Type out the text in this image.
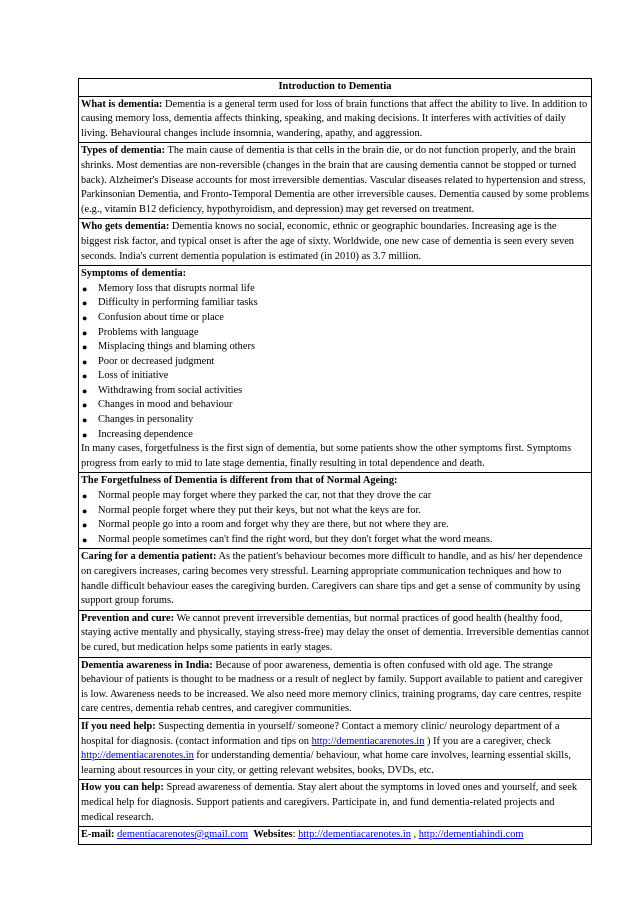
Introduction to Dementia
What is dementia: Dementia is a general term used for loss of brain functions that affect the ability to live. In addition to causing memory loss, dementia affects thinking, speaking, and making decisions. It interferes with activities of daily living. Behavioural changes include insomnia, wandering, apathy, and aggression.
Types of dementia: The main cause of dementia is that cells in the brain die, or do not function properly, and the brain shrinks. Most dementias are non-reversible (changes in the brain that are causing dementia cannot be stopped or turned back). Alzheimer's Disease accounts for most irreversible dementias. Vascular diseases related to hypertension and stress, Parkinsonian Dementia, and Fronto-Temporal Dementia are other irreversible causes. Dementia caused by some problems (e.g., vitamin B12 deficiency, hypothyroidism, and depression) may get reversed on treatment.
Who gets dementia: Dementia knows no social, economic, ethnic or geographic boundaries. Increasing age is the biggest risk factor, and typical onset is after the age of sixty. Worldwide, one new case of dementia is seen every seven seconds. India's current dementia population is estimated (in 2010) as 3.7 million.

Symptoms of dementia:
● Memory loss that disrupts normal life
● Difficulty in performing familiar tasks
● Confusion about time or place
● Problems with language
● Misplacing things and blaming others
● Poor or decreased judgment
● Loss of initiative
● Withdrawing from social activities
● Changes in mood and behaviour
● Changes in personality
● Increasing dependence
In many cases, forgetfulness is the first sign of dementia, but some patients show the other symptoms first. Symptoms progress from early to mid to late stage dementia, finally resulting in total dependence and death.

The Forgetfulness of Dementia is different from that of Normal Ageing:
● Normal people may forget where they parked the car, not that they drove the car
● Normal people forget where they put their keys, but not what the keys are for.
● Normal people go into a room and forget why they are there, but not where they are.
● Normal people sometimes can't find the right word, but they don't forget what the word means.

Caring for a dementia patient: As the patient's behaviour becomes more difficult to handle, and as his/ her dependence on caregivers increases, caring becomes very stressful. Learning appropriate communication techniques and how to handle difficult behaviour eases the caregiving burden. Caregivers can share tips and get a sense of community by using support group forums.
Prevention and cure: We cannot prevent irreversible dementias, but normal practices of good health (healthy food, staying active mentally and physically, staying stress-free) may delay the onset of dementia. Irreversible dementias cannot be cured, but medication helps some patients in early stages.
Dementia awareness in India: Because of poor awareness, dementia is often confused with old age. The strange behaviour of patients is thought to be madness or a result of neglect by family. Support available to patient and caregiver is low. Awareness needs to be increased. We also need more memory clinics, training programs, day care centres, respite care centres, dementia rehab centres, and caregiver communities.
If you need help: Suspecting dementia in yourself/ someone? Contact a memory clinic/ neurology department of a hospital for diagnosis. (contact information and tips on http://dementiacarenotes.in ) If you are a caregiver, check http://dementiacarenotes.in for understanding dementia/ behaviour, what home care involves, learning essential skills, learning about resources in your city, or getting relevant websites, books, DVDs, etc.
How you can help: Spread awareness of dementia. Stay alert about the symptoms in loved ones and yourself, and seek medical help for diagnosis. Support patients and caregivers. Participate in, and fund dementia-related projects and medical research.
E-mail: dementiacarenotes@gmail.com Websites: http://dementiacarenotes.in , http://dementiahindi.com
